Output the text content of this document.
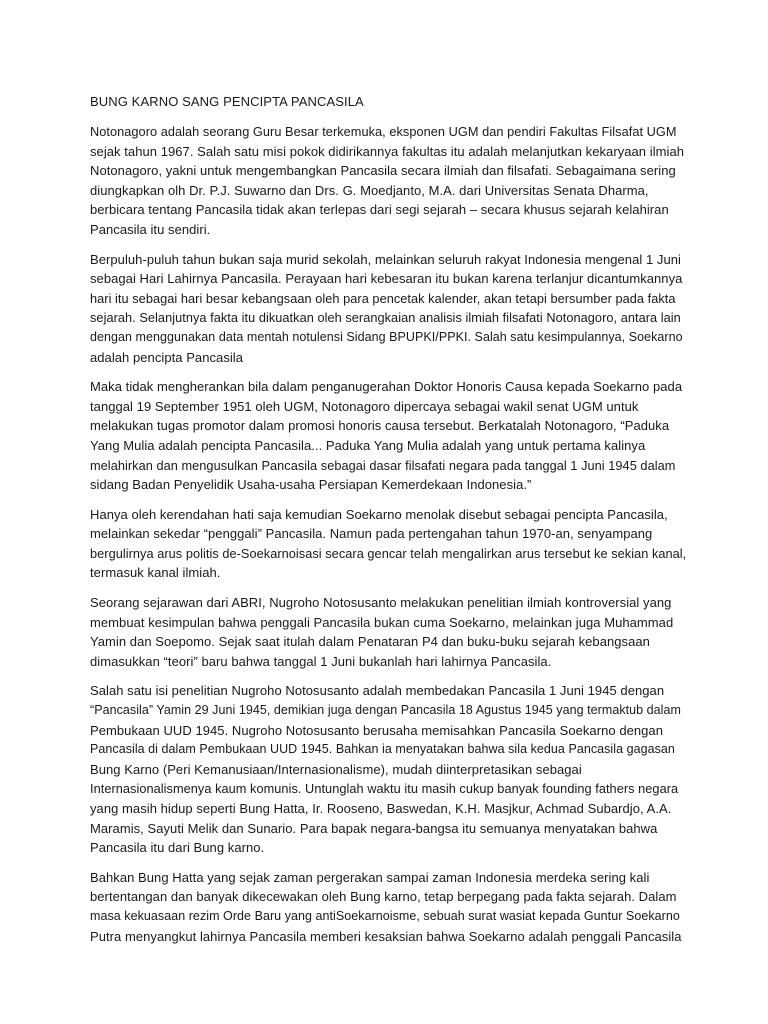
BUNG KARNO SANG PENCIPTA PANCASILA
Notonagoro adalah seorang Guru Besar terkemuka, eksponen UGM dan pendiri Fakultas Filsafat UGM
sejak tahun 1967. Salah satu misi pokok didirikannya fakultas itu adalah melanjutkan kekaryaan ilmiah
Notonagoro, yakni untuk mengembangkan Pancasila secara ilmiah dan filsafati. Sebagaimana sering
diungkapkan olh Dr. P.J. Suwarno dan Drs. G. Moedjanto, M.A. dari Universitas Senata Dharma,
berbicara tentang Pancasila tidak akan terlepas dari segi sejarah – secara khusus sejarah kelahiran
Pancasila itu sendiri.
Berpuluh-puluh tahun bukan saja murid sekolah, melainkan seluruh rakyat Indonesia mengenal 1 Juni
sebagai Hari Lahirnya Pancasila. Perayaan hari kebesaran itu bukan karena terlanjur dicantumkannya
hari itu sebagai hari besar kebangsaan oleh para pencetak kalender, akan tetapi bersumber pada fakta
sejarah. Selanjutnya fakta itu dikuatkan oleh serangkaian analisis ilmiah filsafati Notonagoro, antara lain
dengan menggunakan data mentah notulensi Sidang BPUPKI/PPKI. Salah satu kesimpulannya, Soekarno
adalah pencipta Pancasila
Maka tidak mengherankan bila dalam penganugerahan Doktor Honoris Causa kepada Soekarno pada
tanggal 19 September 1951 oleh UGM, Notonagoro dipercaya sebagai wakil senat UGM untuk
melakukan tugas promotor dalam promosi honoris causa tersebut. Berkatalah Notonagoro, “Paduka
Yang Mulia adalah pencipta Pancasila... Paduka Yang Mulia adalah yang untuk pertama kalinya
melahirkan dan mengusulkan Pancasila sebagai dasar filsafati negara pada tanggal 1 Juni 1945 dalam
sidang Badan Penyelidik Usaha-usaha Persiapan Kemerdekaan Indonesia.”
Hanya oleh kerendahan hati saja kemudian Soekarno menolak disebut sebagai pencipta Pancasila,
melainkan sekedar “penggali” Pancasila. Namun pada pertengahan tahun 1970-an, senyampang
bergulirnya arus politis de-Soekarnoisasi secara gencar telah mengalirkan arus tersebut ke sekian kanal,
termasuk kanal ilmiah.
Seorang sejarawan dari ABRI, Nugroho Notosusanto melakukan penelitian ilmiah kontroversial yang
membuat kesimpulan bahwa penggali Pancasila bukan cuma Soekarno, melainkan juga Muhammad
Yamin dan Soepomo. Sejak saat itulah dalam Penataran P4 dan buku-buku sejarah kebangsaan
dimasukkan “teori” baru bahwa tanggal 1 Juni bukanlah hari lahirnya Pancasila.
Salah satu isi penelitian Nugroho Notosusanto adalah membedakan Pancasila 1 Juni 1945 dengan
“Pancasila” Yamin 29 Juni 1945, demikian juga dengan Pancasila 18 Agustus 1945 yang termaktub dalam
Pembukaan UUD 1945. Nugroho Notosusanto berusaha memisahkan Pancasila Soekarno dengan
Pancasila di dalam Pembukaan UUD 1945. Bahkan ia menyatakan bahwa sila kedua Pancasila gagasan
Bung Karno (Peri Kemanusiaan/Internasionalisme), mudah diinterpretasikan sebagai
Internasionalismenya kaum komunis. Untunglah waktu itu masih cukup banyak founding fathers negara
yang masih hidup seperti Bung Hatta, Ir. Rooseno, Baswedan, K.H. Masjkur, Achmad Subardjo, A.A.
Maramis, Sayuti Melik dan Sunario. Para bapak negara-bangsa itu semuanya menyatakan bahwa
Pancasila itu dari Bung karno.
Bahkan Bung Hatta yang sejak zaman pergerakan sampai zaman Indonesia merdeka sering kali
bertentangan dan banyak dikecewakan oleh Bung karno, tetap berpegang pada fakta sejarah. Dalam
masa kekuasaan rezim Orde Baru yang antiSoekarnoisme, sebuah surat wasiat kepada Guntur Soekarno
Putra menyangkut lahirnya Pancasila memberi kesaksian bahwa Soekarno adalah penggali Pancasila
